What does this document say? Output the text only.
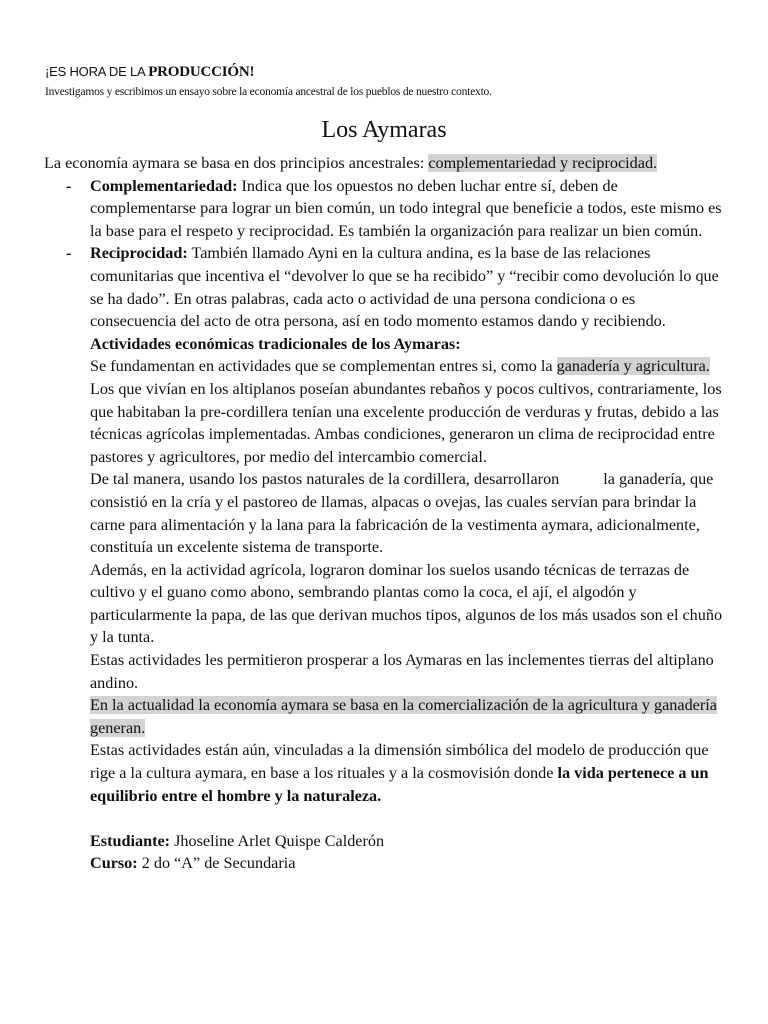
¡ES HORA DE LA PRODUCCIÓN!
Investigamos y escribimos un ensayo sobre la economía ancestral de los pueblos de nuestro contexto.
Los Aymaras

La economía aymara se basa en dos principios ancestrales: complementariedad y reciprocidad.

-	Complementariedad: Indica que los opuestos no deben luchar entre sí, deben de complementarse para lograr un bien común, un todo integral que beneficie a todos, este mismo es la base para el respeto y reciprocidad. Es también la organización para realizar un bien común.
-	Reciprocidad: También llamado Ayni en la cultura andina, es la base de las relaciones comunitarias que incentiva el “devolver lo que se ha recibido” y “recibir como devolución lo que se ha dado”. En otras palabras, cada acto o actividad de una persona condiciona o es consecuencia del acto de otra persona, así en todo momento estamos dando y recibiendo.

Actividades económicas tradicionales de los Aymaras:

Se fundamentan en actividades que se complementan entres si, como la ganadería y agricultura.

Los que vivían en los altiplanos poseían abundantes rebaños y pocos cultivos, contrariamente, los que habitaban la pre-cordillera tenían una excelente producción de verduras y frutas, debido a las técnicas agrícolas implementadas. Ambas condiciones, generaron un clima de reciprocidad entre pastores y agricultores, por medio del intercambio comercial.

De tal manera, usando los pastos naturales de la cordillera, desarrollaron	la ganadería, que consistió en la cría y el pastoreo de llamas, alpacas o ovejas, las cuales servían para brindar la carne para alimentación y la lana para la fabricación de la vestimenta aymara, adicionalmente, constituía un excelente sistema de transporte.

Además, en la actividad agrícola, lograron dominar los suelos usando técnicas de terrazas de cultivo y el guano como abono, sembrando plantas como la coca, el ají, el algodón y particularmente la papa, de las que derivan muchos tipos, algunos de los más usados son el chuño y la tunta.

Estas actividades les permitieron prosperar a los Aymaras en las inclementes tierras del altiplano andino.

En la actualidad la economía aymara se basa en la comercialización de la agricultura y ganadería generan.

Estas actividades están aún, vinculadas a la dimensión simbólica del modelo de producción que rige a la cultura aymara, en base a los rituales y a la cosmovisión donde la vida pertenece a un equilibrio entre el hombre y la naturaleza.

Estudiante: Jhoseline Arlet Quispe Calderón

Curso: 2 do “A” de Secundaria
